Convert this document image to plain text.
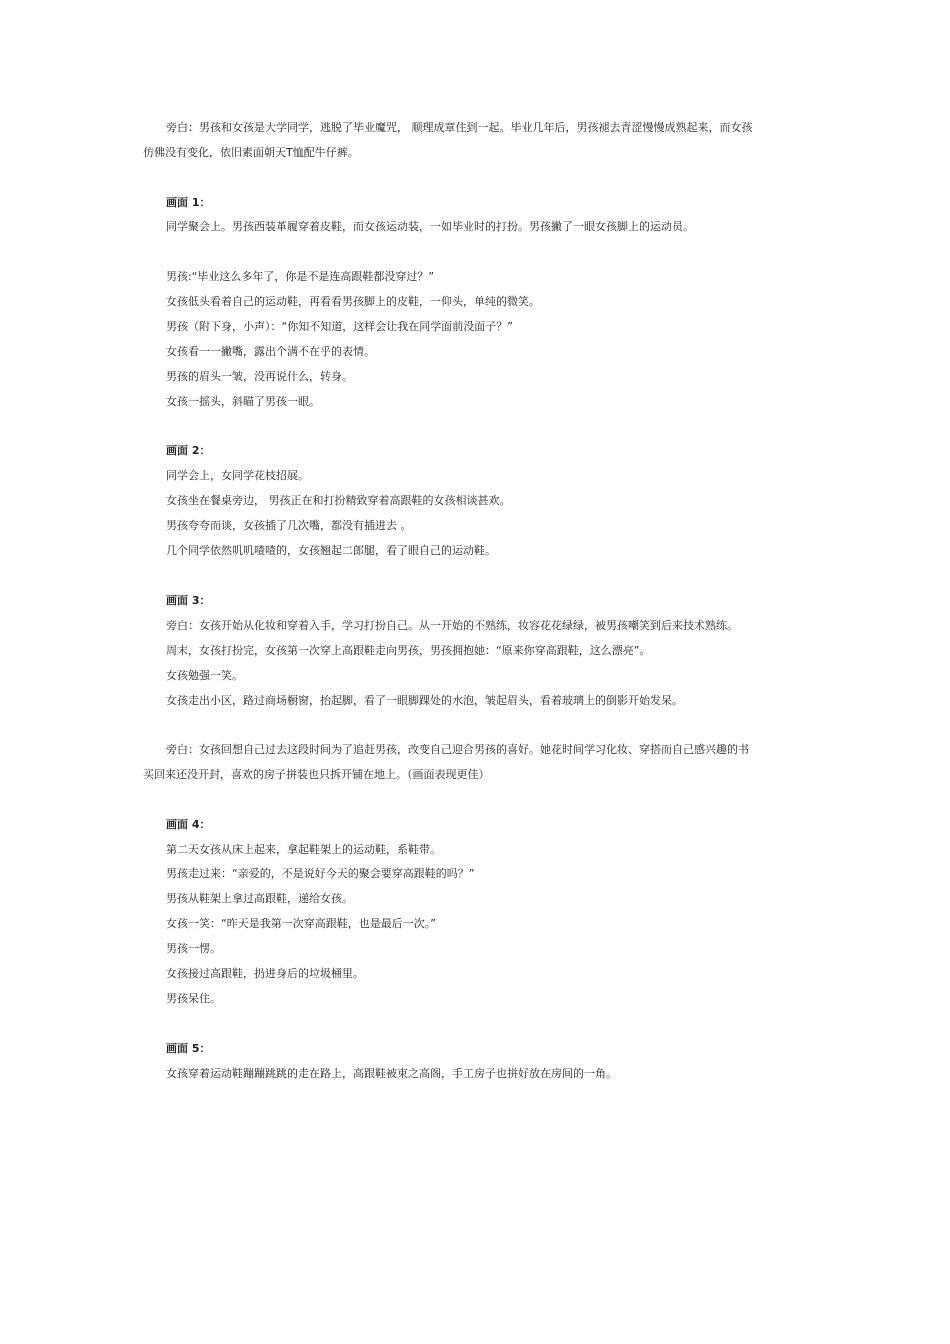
旁白：男孩和女孩是大学同学，逃脱了毕业魔咒， 顺理成章住到一起。毕业几年后，男孩褪去青涩慢慢成熟起来，而女孩
仿佛没有变化，依旧素面朝天T恤配牛仔裤。
画面 1：
同学聚会上。男孩西装革履穿着皮鞋，而女孩运动装，一如毕业时的打扮。男孩撇了一眼女孩脚上的运动员。
男孩:“毕业这么多年了，你是不是连高跟鞋都没穿过？”
女孩低头看着自己的运动鞋，再看看男孩脚上的皮鞋，一仰头，单纯的微笑。
男孩（附下身，小声）：“你知不知道，这样会让我在同学面前没面子？”
女孩看一一撇嘴，露出个满不在乎的表情。
男孩的眉头一皱，没再说什么，转身。
女孩一摇头，斜瞄了男孩一眼。
画面 2：
同学会上，女同学花枝招展。
女孩坐在餐桌旁边， 男孩正在和打扮精致穿着高跟鞋的女孩相谈甚欢。
男孩夸夸而谈，女孩插了几次嘴，都没有插进去 。
几个同学依然叽叽喳喳的，女孩翘起二郎腿，看了眼自己的运动鞋。
画面 3：
旁白：女孩开始从化妆和穿着入手，学习打扮自己。从一开始的不熟练，妆容花花绿绿，被男孩嘲笑到后来技术熟练。
周末，女孩打扮完，女孩第一次穿上高跟鞋走向男孩，男孩拥抱她：“原来你穿高跟鞋，这么漂亮”。
女孩勉强一笑。
女孩走出小区，路过商场橱窗，抬起脚，看了一眼脚踝处的水泡，皱起眉头，看着玻璃上的倒影开始发呆。
旁白：女孩回想自己过去这段时间为了追赶男孩，改变自己迎合男孩的喜好。她花时间学习化妆、穿搭而自己感兴趣的书
买回来还没开封，喜欢的房子拼装也只拆开铺在地上。（画面表现更佳）
画面 4：
第二天女孩从床上起来，拿起鞋架上的运动鞋，系鞋带。
男孩走过来：“亲爱的，不是说好今天的聚会要穿高跟鞋的吗？”
男孩从鞋架上拿过高跟鞋，递给女孩。
女孩一笑：“昨天是我第一次穿高跟鞋，也是最后一次。”
男孩一愣。
女孩接过高跟鞋，扔进身后的垃圾桶里。
男孩呆住。
画面 5：
女孩穿着运动鞋蹦蹦跳跳的走在路上，高跟鞋被束之高阁，手工房子也拼好放在房间的一角。
